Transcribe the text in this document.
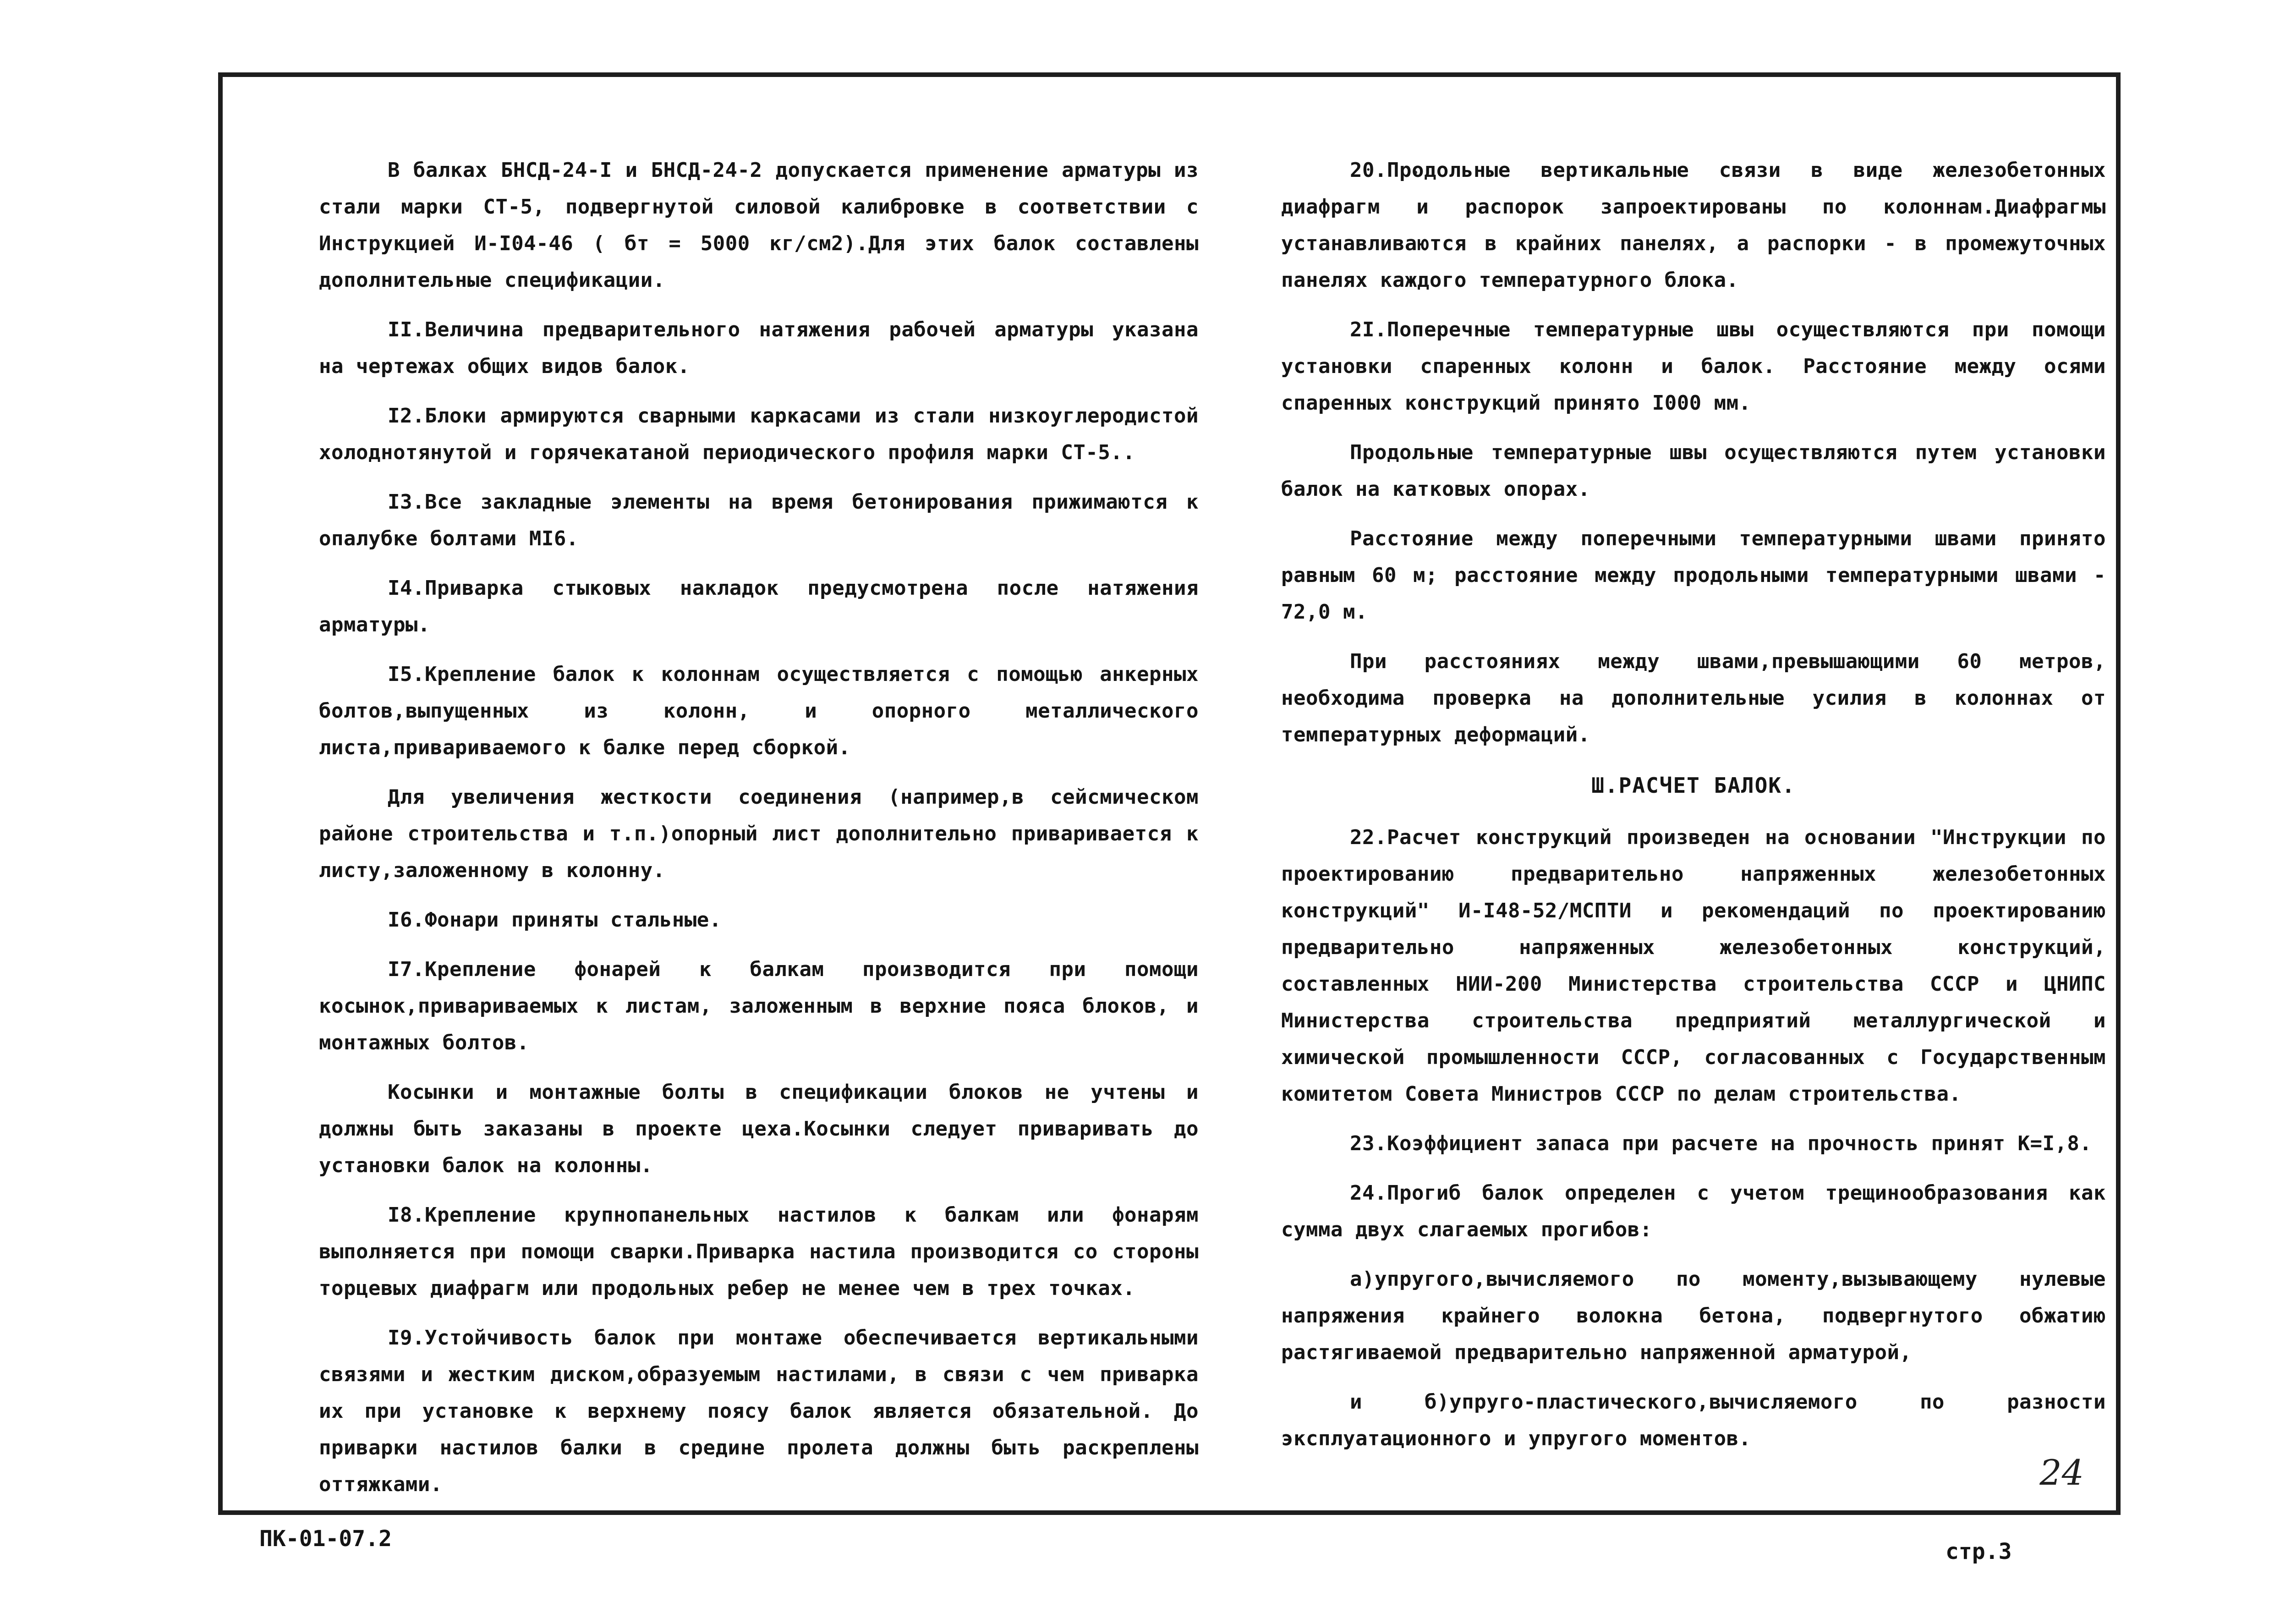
В балках БНСД-24-I и БНСД-24-2 допускается применение арматуры из стали марки СТ-5, подвергнутой силовой калибровке в соответствии с Инструкцией И-I04-46 ( бт = 5000 кг/см2).Для этих балок составлены дополнительные спецификации.

II.Величина предварительного натяжения рабочей арматуры указана на чертежах общих видов балок.

I2.Блоки армируются сварными каркасами из стали низкоуглеродистой холоднотянутой и горячекатаной периодического профиля марки СТ-5..

I3.Все закладные элементы на время бетонирования прижимаются к опалубке болтами МI6.

I4.Приварка стыковых накладок предусмотрена после натяжения арматуры.

I5.Крепление балок к колоннам осуществляется с помощью анкерных болтов,выпущенных из колонн, и опорного металлического листа,привариваемого к балке перед сборкой.

Для увеличения жесткости соединения (например,в сейсмическом районе строительства и т.п.)опорный лист дополнительно приваривается к листу,заложенному в колонну.

I6.Фонари приняты стальные.

I7.Крепление фонарей к балкам производится при помощи косынок,привариваемых к листам, заложенным в верхние пояса блоков, и монтажных болтов.

Косынки и монтажные болты в спецификации блоков не учтены и должны быть заказаны в проекте цеха.Косынки следует приваривать до установки балок на колонны.

I8.Крепление крупнопанельных настилов к балкам или фонарям выполняется при помощи сварки.Приварка настила производится со стороны торцевых диафрагм или продольных ребер не менее чем в трех точках.

I9.Устойчивость балок при монтаже обеспечивается вертикальными связями и жестким диском,образуемым настилами, в связи с чем приварка их при установке к верхнему поясу балок является обязательной. До приварки настилов балки в средине пролета должны быть раскреплены оттяжками.

20.Продольные вертикальные связи в виде железобетонных диафрагм и распорок запроектированы по колоннам.Диафрагмы устанавливаются в крайних панелях, а распорки - в промежуточных панелях каждого температурного блока.

2I.Поперечные температурные швы осуществляются при помощи установки спаренных колонн и балок. Расстояние между осями спаренных конструкций принято I000 мм.

Продольные температурные швы осуществляются путем установки балок на катковых опорах.

Расстояние между поперечными температурными швами принято равным 60 м; расстояние между продольными температурными швами - 72,0 м.

При расстояниях между швами,превышающими 60 метров, необходима проверка на дополнительные усилия в колоннах от температурных деформаций.

Ш.РАСЧЕТ БАЛОК.

22.Расчет конструкций произведен на основании "Инструкции по проектированию предварительно напряженных железобетонных конструкций" И-I48-52/МСПТИ и рекомендаций по проектированию предварительно напряженных железобетонных конструкций, составленных НИИ-200 Министерства строительства СССР и ЦНИПС Министерства строительства предприятий металлургической и химической промышленности СССР, согласованных с Государственным комитетом Совета Министров СССР по делам строительства.

23.Коэффициент запаса при расчете на прочность принят К=I,8.

24.Прогиб балок определен с учетом трещинообразования как сумма двух слагаемых прогибов:

а)упругого,вычисляемого по моменту,вызывающему нулевые напряжения крайнего волокна бетона, подвергнутого обжатию растягиваемой предварительно напряженной арматурой,

и б)упруго-пластического,вычисляемого по разности эксплуатационного и упругого моментов.

24
ПК-01-07.2	стр.3
